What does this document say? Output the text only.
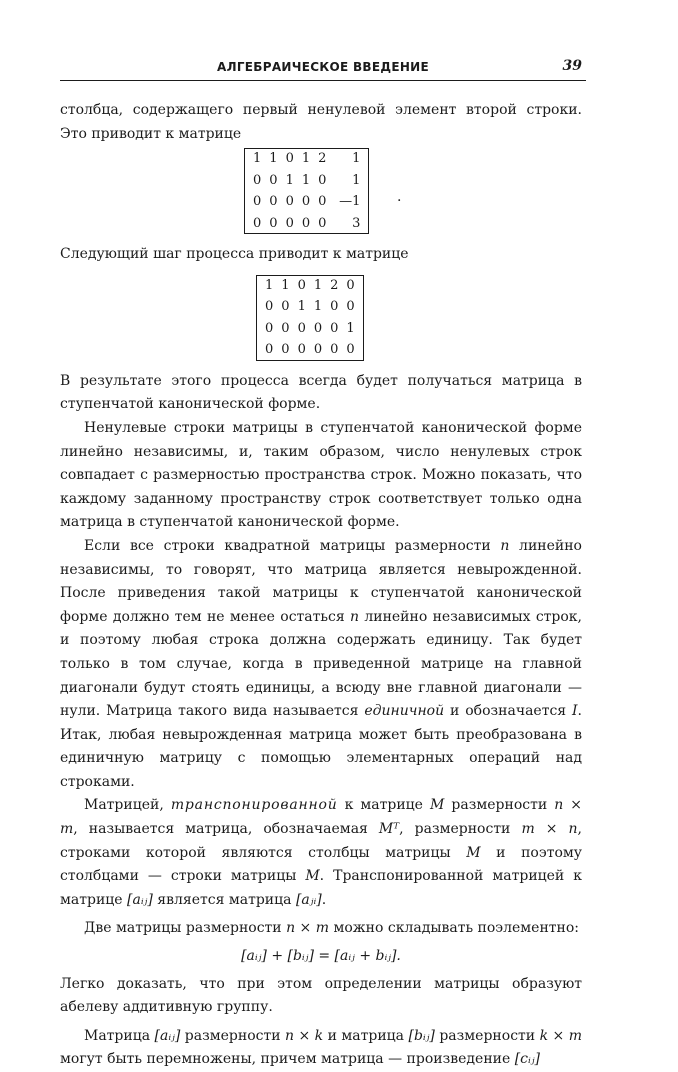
АЛГЕБРАИЧЕСКОЕ ВВЕДЕНИЕ	39

столбца, содержащего первый ненулевой элемент второй строки. Это приводит к матрице

1	1	0	1	2	1
0	0	1	1	0	1
0	0	0	0	0	—1
0	0	0	0	0	3
.

Следующий шаг процесса приводит к матрице

1	1	0	1	2	0
0	0	1	1	0	0
0	0	0	0	0	1
0	0	0	0	0	0

В результате этого процесса всегда будет получаться матрица в ступенчатой канонической форме.

Ненулевые строки матрицы в ступенчатой канонической форме линейно независимы, и, таким образом, число ненулевых строк совпадает с размерностью пространства строк. Можно показать, что каждому заданному пространству строк соответствует только одна матрица в ступенчатой канонической форме.

Если все строки квадратной матрицы размерности n линейно независимы, то говорят, что матрица является невырожденной. После приведения такой матрицы к ступенчатой канонической форме должно тем не менее остаться n линейно независимых строк, и поэтому любая строка должна содержать единицу. Так будет только в том случае, когда в приведенной матрице на главной диагонали будут стоять единицы, а всюду вне главной диагонали — нули. Матрица такого вида называется единичной и обозначается I. Итак, любая невырожденная матрица может быть преобразована в единичную матрицу с помощью элементарных операций над строками.

Матрицей, транспонированной к матрице M размерности n × m, называется матрица, обозначаемая Mᵀ, размерности m × n, строками которой являются столбцы матрицы M и поэтому столбцами — строки матрицы M. Транспонированной матрицей к матрице [aᵢⱼ] является матрица [aⱼᵢ].

Две матрицы размерности n × m можно складывать поэлементно:

[aᵢⱼ] + [bᵢⱼ] = [aᵢⱼ + bᵢⱼ].

Легко доказать, что при этом определении матрицы образуют абелеву аддитивную группу.

Матрица [aᵢⱼ] размерности n × k и матрица [bᵢⱼ] размерности k × m могут быть перемножены, причем матрица — произведение [cᵢⱼ]
